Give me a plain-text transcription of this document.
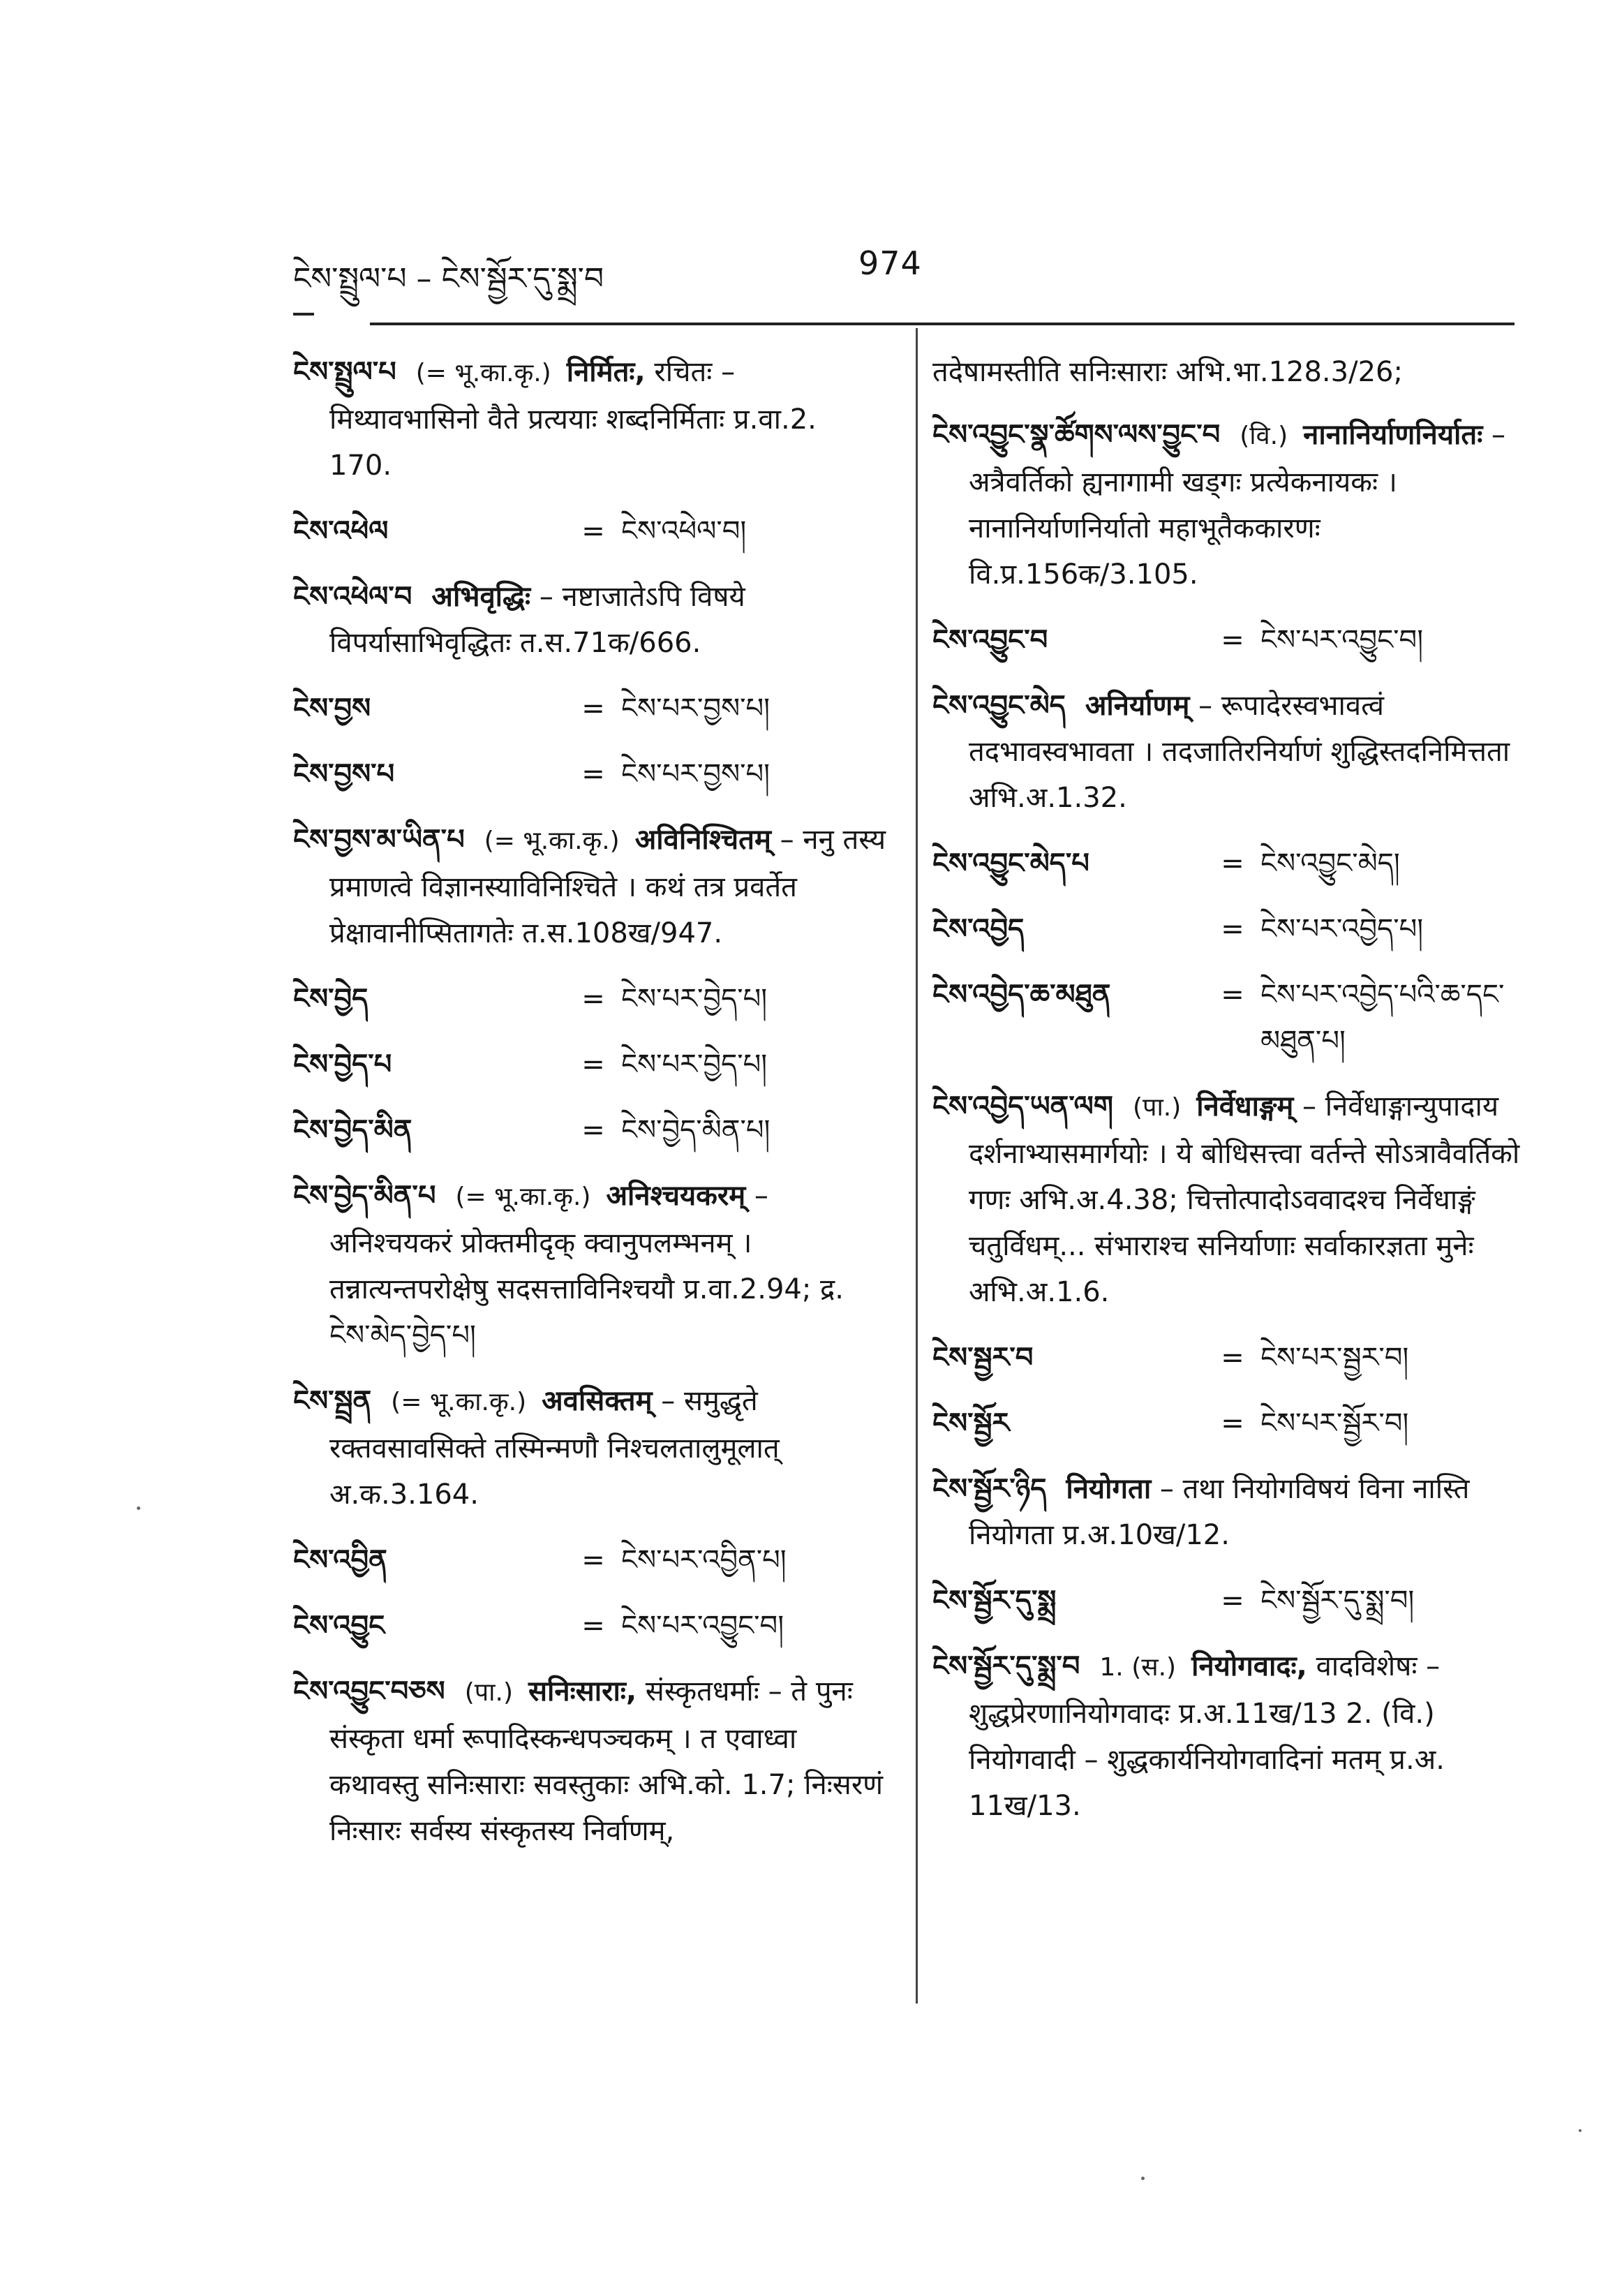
ངེས་སྤྲུལ་པ – ངེས་སྦྱོར་དུ་སྨྲ་བ	974
ངེས་སྤྲུལ་པ (= भू.का.कृ.) निर्मितः, रचितः – मिथ्यावभासिनो वैते प्रत्ययाः शब्दनिर्मिताः प्र.वा.2. 170.
ངེས་འཕེལ	= ངེས་འཕེལ་བ།
ངེས་འཕེལ་བ अभिवृद्धिः – नष्टाजातेऽपि विषये विपर्यासाभिवृद्धितः त.स.71क/666.
ངེས་བྱས	= ངེས་པར་བྱས་པ།
ངེས་བྱས་པ	= ངེས་པར་བྱས་པ།
ངེས་བྱས་མ་ཡིན་པ (= भू.का.कृ.) अविनिश्चितम् – ननु तस्य प्रमाणत्वे विज्ञानस्याविनिश्चिते । कथं तत्र प्रवर्तेत प्रेक्षावानीप्सितागतेः त.स.108ख/947.
ངེས་བྱེད	= ངེས་པར་བྱེད་པ།
ངེས་བྱེད་པ	= ངེས་པར་བྱེད་པ།
ངེས་བྱེད་མིན	= ངེས་བྱེད་མིན་པ།
ངེས་བྱེད་མིན་པ (= भू.का.कृ.) अनिश्चयकरम् – अनिश्चयकरं प्रोक्तमीदृक् क्वानुपलम्भनम् । तन्नात्यन्तपरोक्षेषु सदसत्ताविनिश्चयौ प्र.वा.2.94; द्र. ངེས་མེད་བྱེད་པ།
ངེས་སྦྲན (= भू.का.कृ.) अवसिक्तम् – समुद्धृते रक्तवसावसिक्ते तस्मिन्मणौ निश्चलतालुमूलात् अ.क.3.164.
ངེས་འབྱིན	= ངེས་པར་འབྱིན་པ།
ངེས་འབྱུང	= ངེས་པར་འབྱུང་བ།
ངེས་འབྱུང་བཅས (पा.) सनिःसाराः, संस्कृतधर्माः – ते पुनः संस्कृता धर्मा रूपादिस्कन्धपञ्चकम् । त एवाध्वा कथावस्तु सनिःसाराः सवस्तुकाः अभि.को. 1.7; निःसरणं निःसारः सर्वस्य संस्कृतस्य निर्वाणम्,
तदेषामस्तीति सनिःसाराः अभि.भा.128.3/26;
ངེས་འབྱུང་སྣ་ཚོགས་ལས་བྱུང་བ (वि.) नानानिर्याणनिर्यातः – अत्रैवर्तिको ह्यनागामी खड्गः प्रत्येकनायकः । नानानिर्याणनिर्यातो महाभूतैककारणः वि.प्र.156क/3.105.
ངེས་འབྱུང་བ	= ངེས་པར་འབྱུང་བ།
ངེས་འབྱུང་མེད अनिर्याणम् – रूपादेरस्वभावत्वं तदभावस्वभावता । तदजातिरनिर्याणं शुद्धिस्तदनिमित्तता अभि.अ.1.32.
ངེས་འབྱུང་མེད་པ	= ངེས་འབྱུང་མེད།
ངེས་འབྱེད	= ངེས་པར་འབྱེད་པ།
ངེས་འབྱེད་ཆ་མཐུན	= ངེས་པར་འབྱེད་པའི་ཆ་དང་མཐུན་པ།
ངེས་འབྱེད་ཡན་ལག (पा.) निर्वेधाङ्गम् – निर्वेधाङ्गान्युपादाय दर्शनाभ्यासमार्गयोः । ये बोधिसत्त्वा वर्तन्ते सोऽत्रावैवर्तिको गणः अभि.अ.4.38; चित्तोत्पादोऽववादश्च निर्वेधाङ्गं चतुर्विधम्... संभाराश्च सनिर्याणाः सर्वाकारज्ञता मुनेः अभि.अ.1.6.
ངེས་སྦྱར་བ	= ངེས་པར་སྦྱར་བ།
ངེས་སྦྱོར	= ངེས་པར་སྦྱོར་བ།
ངེས་སྦྱོར་ཉིད नियोगता – तथा नियोगविषयं विना नास्ति नियोगता प्र.अ.10ख/12.
ངེས་སྦྱོར་དུ་སྨྲ	= ངེས་སྦྱོར་དུ་སྨྲ་བ།
ངེས་སྦྱོར་དུ་སྨྲ་བ 1. (स.) नियोगवादः, वादविशेषः – शुद्धप्रेरणानियोगवादः प्र.अ.11ख/13 2. (वि.) नियोगवादी – शुद्धकार्यनियोगवादिनां मतम् प्र.अ. 11ख/13.
